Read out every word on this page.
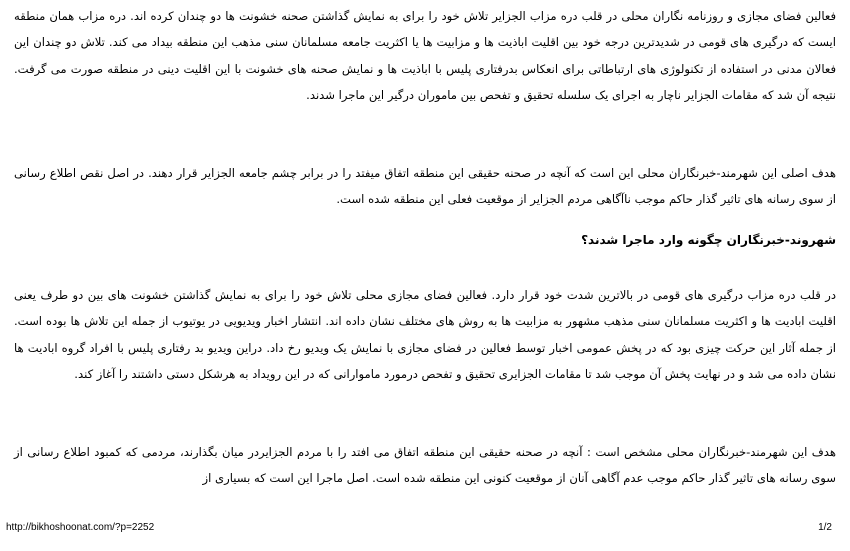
فعالین فضای مجازی و روزنامه نگاران محلی در قلب دره مزاب الجزایر تلاش خود را برای به نمایش گذاشتن صحنه خشونت ها دو چندان کرده اند. دره مزاب همان منطقه ایست که درگیری های قومی در شدیدترین درجه خود بین اقلیت اباذیت ها و مزابیت ها یا اکثریت جامعه مسلمانان سنی مذهب این منطقه بیداد می کند. تلاش دو چندان این فعالان مدنی در استفاده از تکنولوژی های ارتباطاتی برای انعکاس بدرفتاری پلیس با اباذیت ها و نمایش صحنه های خشونت با این اقلیت دینی در منطقه صورت می گرفت. نتیجه آن شد که مقامات الجزایر ناچار به اجرای یک سلسله تحقیق و تفحص بین ماموران درگیر این ماجرا شدند.

هدف اصلی این شهرمند-خبرنگاران محلی این است که آنچه در صحنه حقیقی این منطقه اتفاق میفتد را در برابر چشم جامعه الجزایر قرار دهند. در اصل نقص اطلاع رسانی از سوی رسانه های تاثیر گذار حاکم موجب ناآگاهی مردم الجزایر از موقعیت فعلی این منطقه شده است.

شهروند-خبرنگاران چگونه وارد ماجرا شدند؟

در قلب دره مزاب درگیری های قومی در بالاترین شدت خود قرار دارد. فعالین فضای مجازی محلی تلاش خود را برای به نمایش گذاشتن خشونت های بین دو طرف یعنی اقلیت ابادیت ها و اکثریت مسلمانان سنی مذهب مشهور به مزابیت ها به روش های مختلف نشان داده اند. انتشار اخبار ویدیویی در یوتیوب از جمله این تلاش ها بوده است. از جمله آثار این حرکت چیزی بود که در پخش عمومی اخبار توسط فعالین در فضای مجازی با نمایش یک ویدیو رخ داد. دراین ویدیو بد رفتاری پلیس با افراد گروه ابادیت ها نشان داده می شد و در نهایت پخش آن موجب شد تا مقامات الجزایری تحقیق و تفحص درمورد ماموارانی که در این رویداد به هرشکل دستی داشتند را آغاز کند.

هدف این شهرمند-خبرنگاران محلی مشخص است : آنچه در صحنه حقیقی این منطقه اتفاق می افتد را با مردم الجزایردر میان بگذارند، مردمی که کمبود اطلاع رسانی از سوی رسانه های تاثیر گذار حاکم موجب عدم آگاهی آنان از موقعیت کنونی این منطقه شده است. اصل ماجرا این است که بسیاری از

http://bikhoshoonat.com/?p=2252	1/2
